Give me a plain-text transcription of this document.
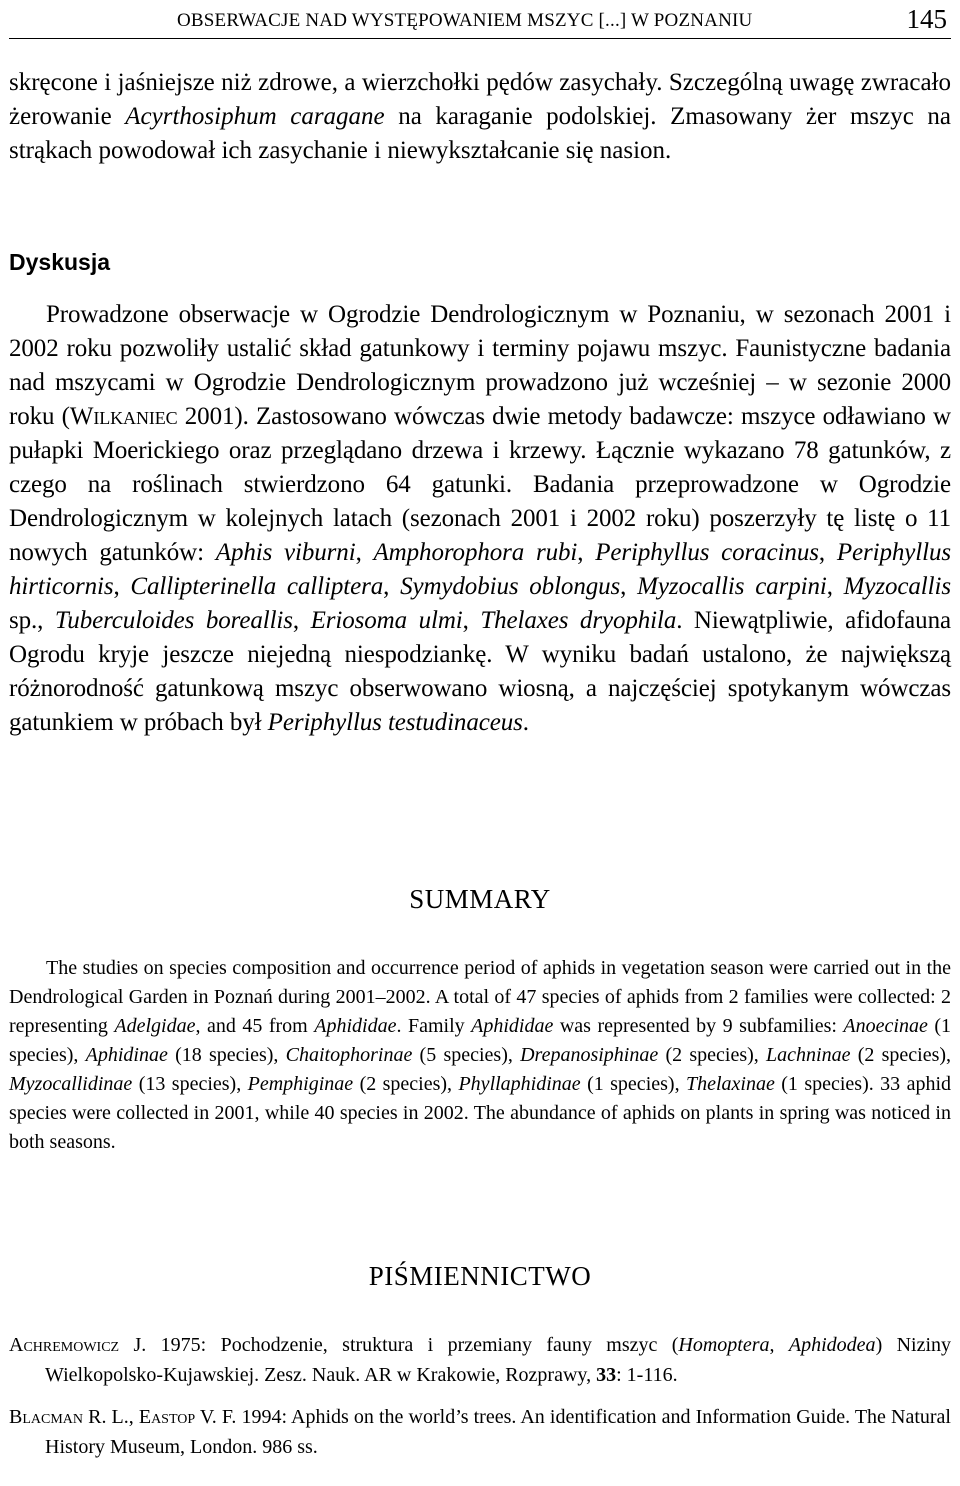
OBSERWACJE NAD WYSTĘPOWANIEM MSZYC [...] W POZNANIU	145

skręcone i jaśniejsze niż zdrowe, a wierzchołki pędów zasychały. Szczególną uwagę zwracało żerowanie Acyrthosiphum caragane na karaganie podolskiej. Zmasowany żer mszyc na strąkach powodował ich zasychanie i niewykształcanie się nasion.

Dyskusja

Prowadzone obserwacje w Ogrodzie Dendrologicznym w Poznaniu, w sezonach 2001 i 2002 roku pozwoliły ustalić skład gatunkowy i terminy pojawu mszyc. Faunistyczne badania nad mszycami w Ogrodzie Dendrologicznym prowadzono już wcześniej – w sezonie 2000 roku (Wilkaniec 2001). Zastosowano wówczas dwie metody badawcze: mszyce odławiano w pułapki Moerickiego oraz przeglądano drzewa i krzewy. Łącznie wykazano 78 gatunków, z czego na roślinach stwierdzono 64 gatunki. Badania przeprowadzone w Ogrodzie Dendrologicznym w kolejnych latach (sezonach 2001 i 2002 roku) poszerzyły tę listę o 11 nowych gatunków: Aphis viburni, Amphorophora rubi, Periphyllus coracinus, Periphyllus hirticornis, Callipterinella calliptera, Symydobius oblongus, Myzocallis carpini, Myzocallis sp., Tuberculoides boreallis, Eriosoma ulmi, Thelaxes dryophila. Niewątpliwie, afidofauna Ogrodu kryje jeszcze niejedną niespodziankę. W wyniku badań ustalono, że największą różnorodność gatunkową mszyc obserwowano wiosną, a najczęściej spotykanym wówczas gatunkiem w próbach był Periphyllus testudinaceus.

SUMMARY

The studies on species composition and occurrence period of aphids in vegetation season were carried out in the Dendrological Garden in Poznań during 2001–2002. A total of 47 species of aphids from 2 families were collected: 2 representing Adelgidae, and 45 from Aphididae. Family Aphididae was represented by 9 subfamilies: Anoecinae (1 species), Aphidinae (18 species), Chaitophorinae (5 species), Drepanosiphinae (2 species), Lachninae (2 species), Myzocallidinae (13 species), Pemphiginae (2 species), Phyllaphidinae (1 species), Thelaxinae (1 species). 33 aphid species were collected in 2001, while 40 species in 2002. The abundance of aphids on plants in spring was noticed in both seasons.

PIŚMIENNICTWO

Achremowicz J. 1975: Pochodzenie, struktura i przemiany fauny mszyc (Homoptera, Aphidodea) Niziny Wielkopolsko-Kujawskiej. Zesz. Nauk. AR w Krakowie, Rozprawy, 33: 1-116.

Blacman R. L., Eastop V. F. 1994: Aphids on the world’s trees. An identification and Information Guide. The Natural History Museum, London. 986 ss.
